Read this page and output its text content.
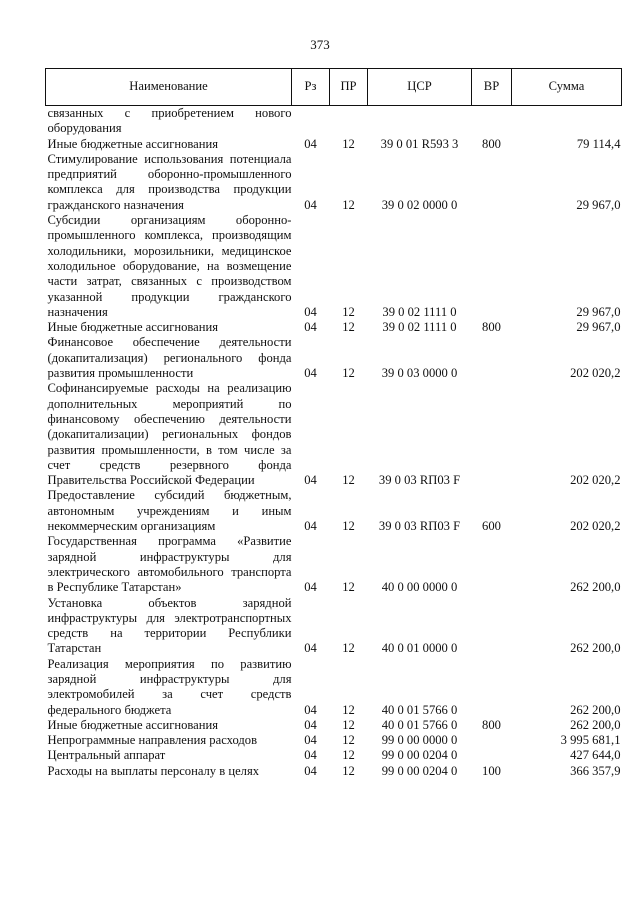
373
Наименование	Рз	ПР	ЦСР	ВР	Сумма
связанных с приобретением нового оборудования					
Иные бюджетные ассигнования	04	12	39 0 01 R593 3	800	79 114,4
Стимулирование использования потенциала предприятий оборонно-промышленного комплекса для производства продукции гражданского назначения	04	12	39 0 02 0000 0		29 967,0
Субсидии организациям оборонно-промышленного комплекса, производящим холодильники, морозильники, медицинское холодильное оборудование, на возмещение части затрат, связанных с производством указанной продукции гражданского назначения	04	12	39 0 02 1111 0		29 967,0
Иные бюджетные ассигнования	04	12	39 0 02 1111 0	800	29 967,0
Финансовое обеспечение деятельности (докапитализация) регионального фонда развития промышленности	04	12	39 0 03 0000 0		202 020,2
Софинансируемые расходы на реализацию дополнительных мероприятий по финансовому обеспечению деятельности (докапитализации) региональных фондов развития промышленности, в том числе за счет средств резервного фонда Правительства Российской Федерации	04	12	39 0 03 RП03 F		202 020,2
Предоставление субсидий бюджетным, автономным учреждениям и иным некоммерческим организациям	04	12	39 0 03 RП03 F	600	202 020,2
Государственная программа «Развитие зарядной инфраструктуры для электрического автомобильного транспорта в Республике Татарстан»	04	12	40 0 00 0000 0		262 200,0
Установка объектов зарядной инфраструктуры для электротранспортных средств на территории Республики Татарстан	04	12	40 0 01 0000 0		262 200,0
Реализация мероприятия по развитию зарядной инфраструктуры для электромобилей за счет средств федерального бюджета	04	12	40 0 01 5766 0		262 200,0
Иные бюджетные ассигнования	04	12	40 0 01 5766 0	800	262 200,0
Непрограммные направления расходов	04	12	99 0 00 0000 0		3 995 681,1
Центральный аппарат	04	12	99 0 00 0204 0		427 644,0
Расходы на выплаты персоналу в целях	04	12	99 0 00 0204 0	100	366 357,9
